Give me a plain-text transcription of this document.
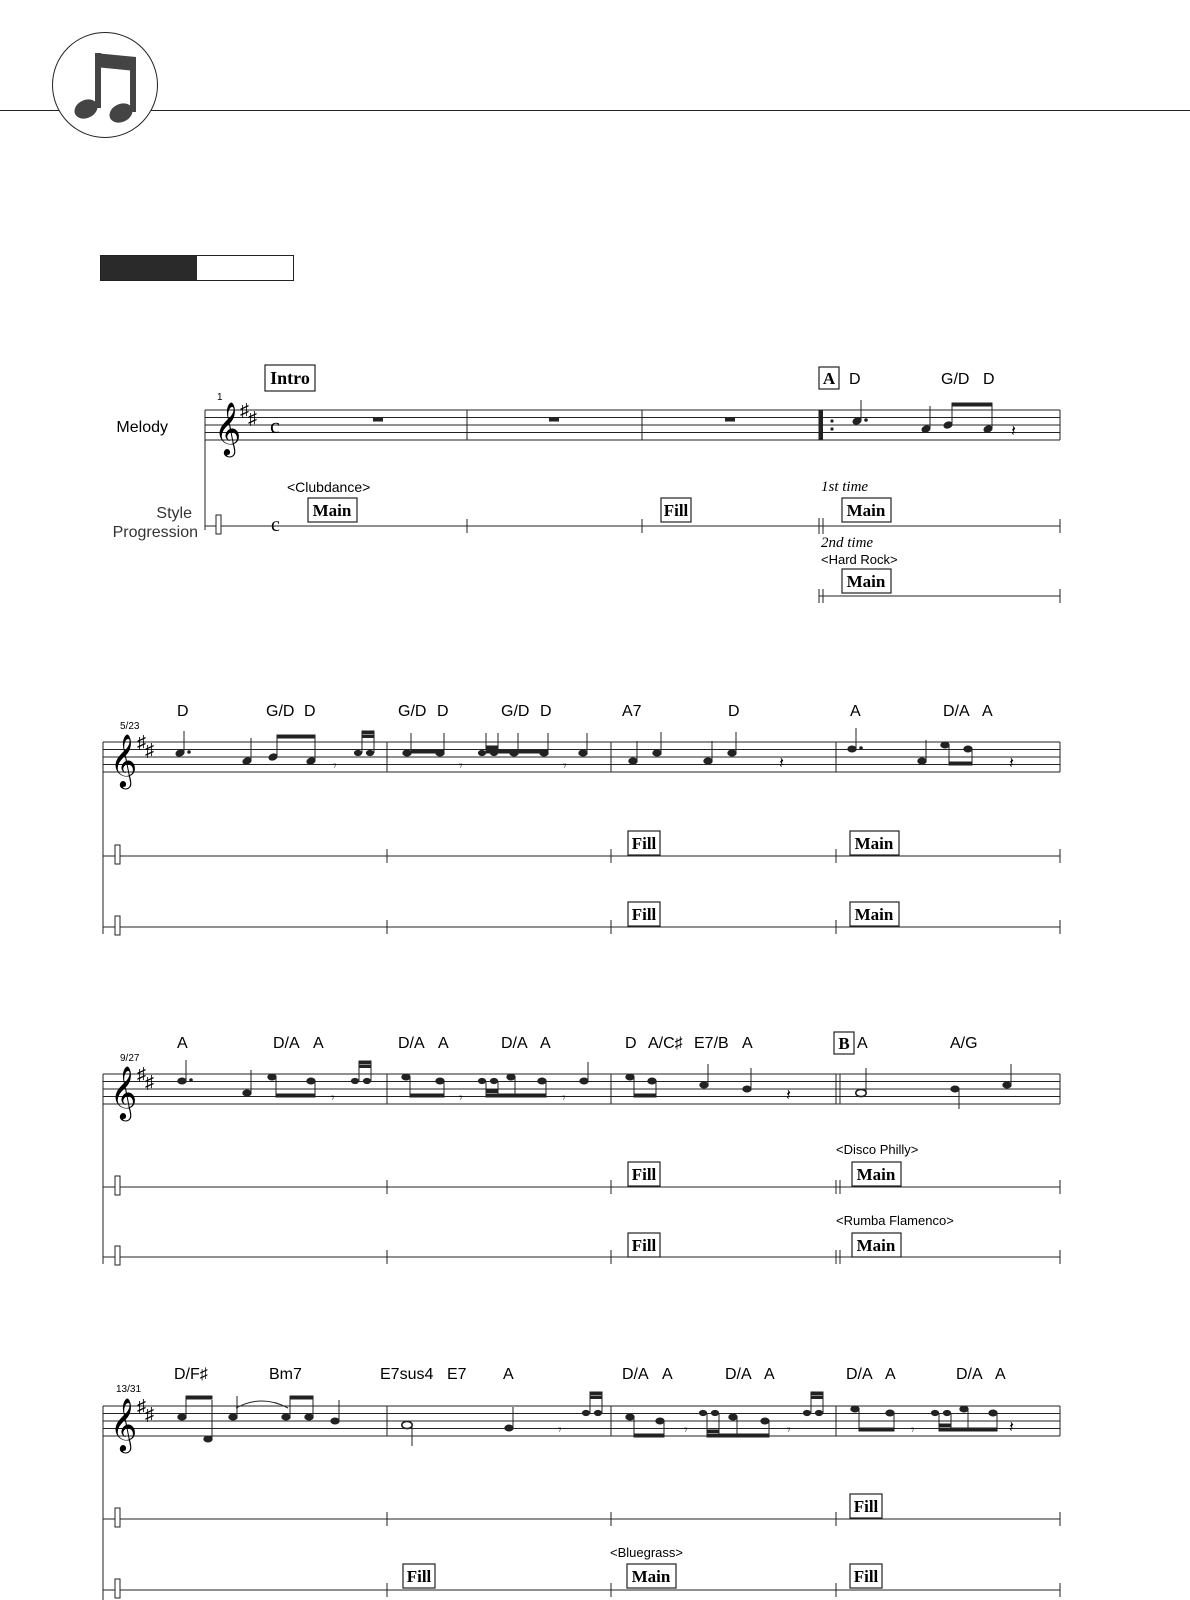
Melody
Style
Progression
1
𝄞
♯ ♯ c	𝄽
c
Intro	A D	G/D D
<Clubdance>
Main	Fill
1st time
Main
2nd time
<Hard Rock>
Main
5/23
𝄞 ♯ ♯
𝄾	𝄾	𝄾	𝄽	𝄽
D	G/D D	G/D D	G/D D	A7	D	A	D/A A
Fill	Main
Fill	Main
9/27
𝄞 ♯ ♯
𝄾	𝄾	𝄾	𝄽
A	D/A A	D/A A	D/A A	D A/C♯ E7/B A	B A	A/G
Fill
<Disco Philly>
Main
Fill
<Rumba Flamenco>
Main
13/31
𝄞 ♯ ♯
𝄾	𝄾	𝄾	𝄾	𝄽
D/F♯	Bm7	E7sus4 E7 A	D/A A	D/A A	D/A A	D/A A
Fill
Fill
<Bluegrass>
Main	Fill
